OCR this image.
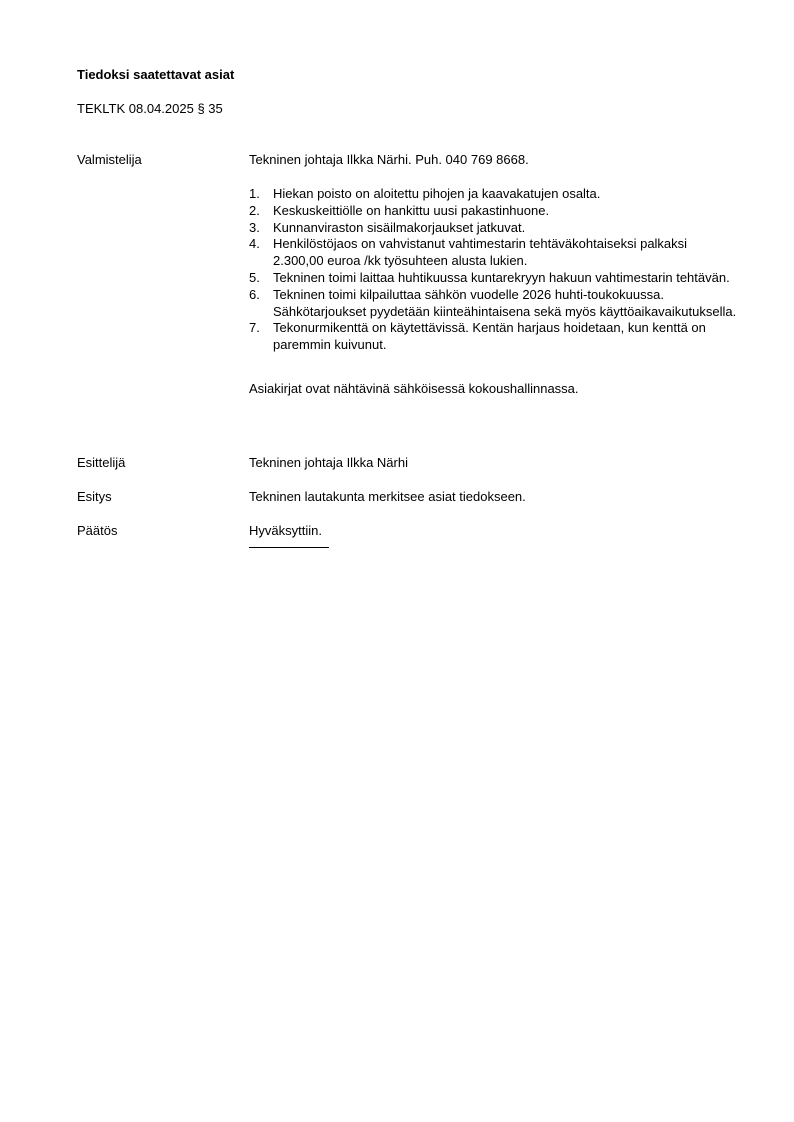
Tiedoksi saatettavat asiat
TEKLTK 08.04.2025 § 35
Valmistelija	Tekninen johtaja Ilkka Närhi. Puh. 040 769 8668.
1. Hiekan poisto on aloitettu pihojen ja kaavakatujen osalta.
2. Keskuskeittiölle on hankittu uusi pakastinhuone.
3. Kunnanviraston sisäilmakorjaukset jatkuvat.
4. Henkilöstöjaos on vahvistanut vahtimestarin tehtäväkohtaiseksi palkaksi 2.300,00 euroa /kk työsuhteen alusta lukien.
5. Tekninen toimi laittaa huhtikuussa kuntarekryyn hakuun vahtimestarin tehtävän.
6. Tekninen toimi kilpailuttaa sähkön vuodelle 2026 huhti-toukokuussa. Sähkötarjoukset pyydetään kiinteähintaisena sekä myös käyttöaikavaikutuksella.
7. Tekonurmikenttä on käytettävissä. Kentän harjaus hoidetaan, kun kenttä on paremmin kuivunut.
Asiakirjat ovat nähtävinä sähköisessä kokoushallinnassa.
Esittelijä	Tekninen johtaja Ilkka Närhi
Esitys	Tekninen lautakunta merkitsee asiat tiedokseen.
Päätös	Hyväksyttiin.
